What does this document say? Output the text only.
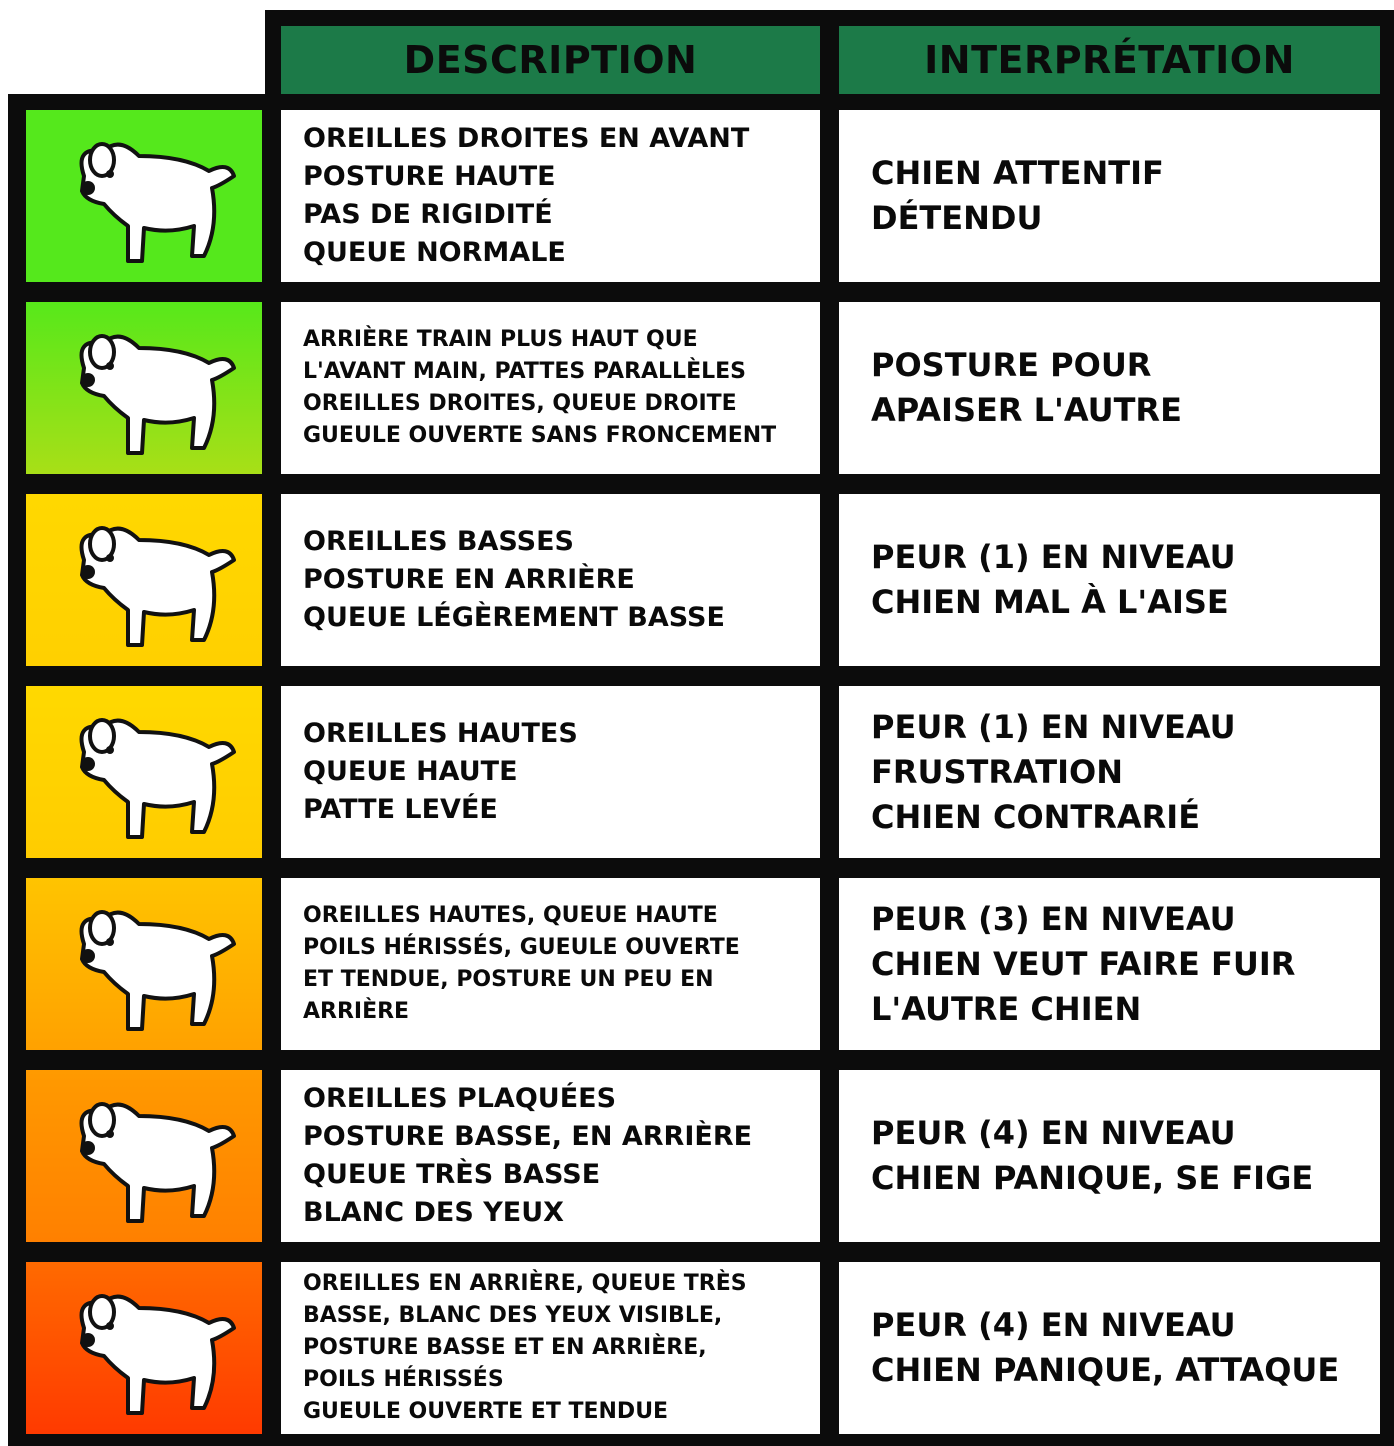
DESCRIPTION	INTERPRÉTATION
OREILLES DROITES EN AVANT
POSTURE HAUTE
PAS DE RIGIDITÉ
QUEUE NORMALE
CHIEN ATTENTIF
DÉTENDU
ARRIÈRE TRAIN PLUS HAUT QUE
L'AVANT MAIN, PATTES PARALLÈLES
OREILLES DROITES, QUEUE DROITE
GUEULE OUVERTE SANS FRONCEMENT
POSTURE POUR
APAISER L'AUTRE
OREILLES BASSES
POSTURE EN ARRIÈRE
QUEUE LÉGÈREMENT BASSE
PEUR (1) EN NIVEAU
CHIEN MAL À L'AISE
OREILLES HAUTES
QUEUE HAUTE
PATTE LEVÉE
PEUR (1) EN NIVEAU
FRUSTRATION
CHIEN CONTRARIÉ
OREILLES HAUTES, QUEUE HAUTE
POILS HÉRISSÉS, GUEULE OUVERTE
ET TENDUE, POSTURE UN PEU EN
ARRIÈRE
PEUR (3) EN NIVEAU
CHIEN VEUT FAIRE FUIR
L'AUTRE CHIEN
OREILLES PLAQUÉES
POSTURE BASSE, EN ARRIÈRE
QUEUE TRÈS BASSE
BLANC DES YEUX
PEUR (4) EN NIVEAU
CHIEN PANIQUE, SE FIGE
OREILLES EN ARRIÈRE, QUEUE TRÈS
BASSE, BLANC DES YEUX VISIBLE,
POSTURE BASSE ET EN ARRIÈRE,
POILS HÉRISSÉS
GUEULE OUVERTE ET TENDUE
PEUR (4) EN NIVEAU
CHIEN PANIQUE, ATTAQUE
